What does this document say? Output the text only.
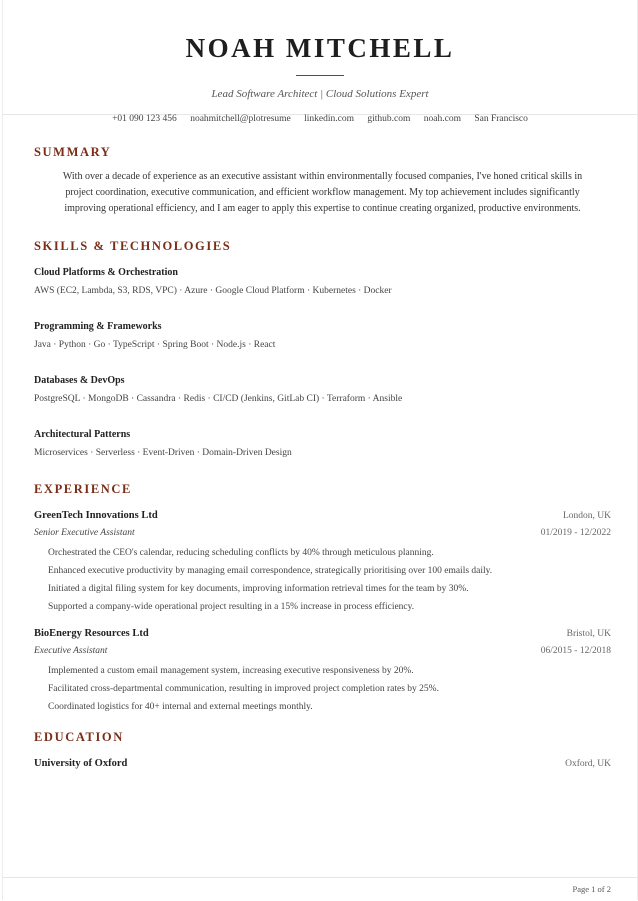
NOAH MITCHELL
Lead Software Architect | Cloud Solutions Expert
+01 090 123 456 noahmitchell@plotresume linkedin.com github.com noah.com San Francisco
SUMMARY

With over a decade of experience as an executive assistant within environmentally focused companies, I've honed critical skills in project coordination, executive communication, and efficient workflow management. My top achievement includes significantly improving operational efficiency, and I am eager to apply this expertise to continue creating organized, productive environments.

SKILLS & TECHNOLOGIES
Cloud Platforms & Orchestration
AWS (EC2, Lambda, S3, RDS, VPC) · Azure · Google Cloud Platform · Kubernetes · Docker
Programming & Frameworks
Java · Python · Go · TypeScript · Spring Boot · Node.js · React
Databases & DevOps
PostgreSQL · MongoDB · Cassandra · Redis · CI/CD (Jenkins, GitLab CI) · Terraform · Ansible
Architectural Patterns
Microservices · Serverless · Event-Driven · Domain-Driven Design
EXPERIENCE
GreenTech Innovations Ltd	London, UK
Senior Executive Assistant	01/2019 - 12/2022
Orchestrated the CEO's calendar, reducing scheduling conflicts by 40% through meticulous planning.
Enhanced executive productivity by managing email correspondence, strategically prioritising over 100 emails daily.
Initiated a digital filing system for key documents, improving information retrieval times for the team by 30%.
Supported a company-wide operational project resulting in a 15% increase in process efficiency.
BioEnergy Resources Ltd	Bristol, UK
Executive Assistant	06/2015 - 12/2018
Implemented a custom email management system, increasing executive responsiveness by 20%.
Facilitated cross-departmental communication, resulting in improved project completion rates by 25%.
Coordinated logistics for 40+ internal and external meetings monthly.
EDUCATION
University of Oxford	Oxford, UK
Page 1 of 2
